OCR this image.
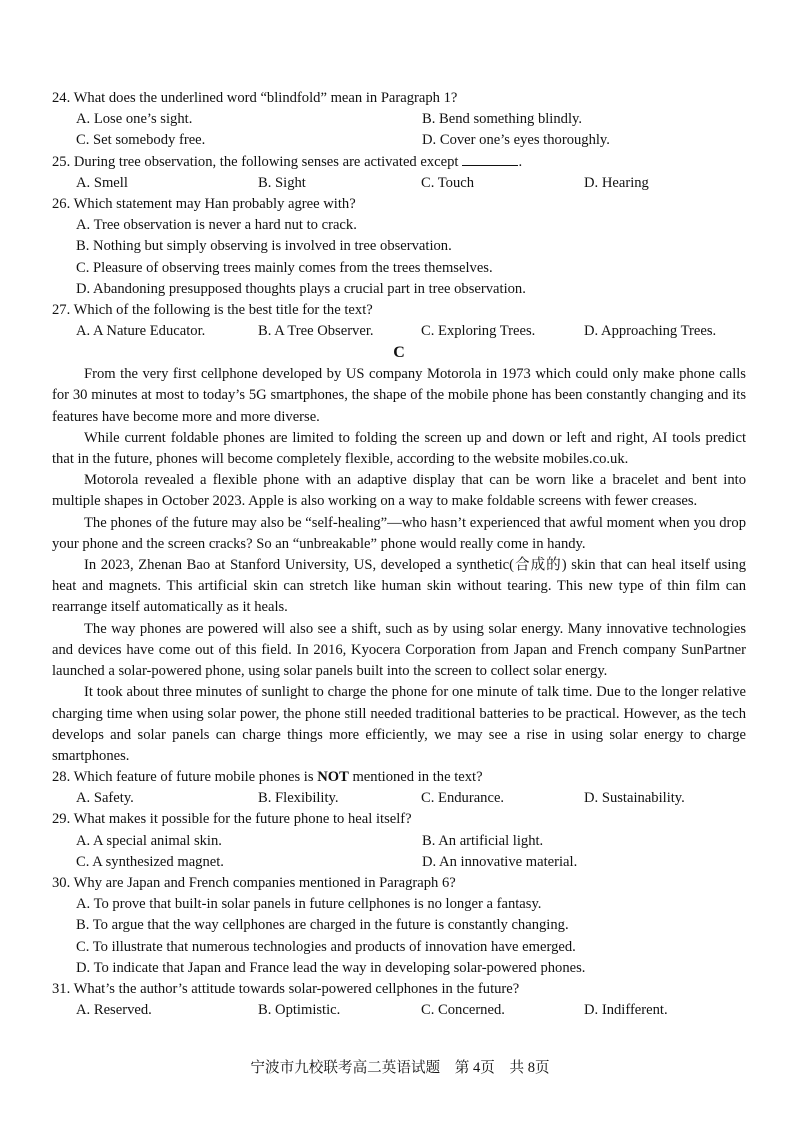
24. What does the underlined word “blindfold” mean in Paragraph 1?
A. Lose one’s sight.	B. Bend something blindly.
C. Set somebody free.	D. Cover one’s eyes thoroughly.
25. During tree observation, the following senses are activated except	.
A. Smell	B. Sight	C. Touch	D. Hearing
26. Which statement may Han probably agree with?
A. Tree observation is never a hard nut to crack.
B. Nothing but simply observing is involved in tree observation.
C. Pleasure of observing trees mainly comes from the trees themselves.
D. Abandoning presupposed thoughts plays a crucial part in tree observation.
27. Which of the following is the best title for the text?
A. A Nature Educator.	B. A Tree Observer.	C. Exploring Trees.	D. Approaching Trees.
C

From the very first cellphone developed by US company Motorola in 1973 which could only make phone calls for 30 minutes at most to today’s 5G smartphones, the shape of the mobile phone has been constantly changing and its features have become more and more diverse.

While current foldable phones are limited to folding the screen up and down or left and right, AI tools predict that in the future, phones will become completely flexible, according to the website mobiles.co.uk.

Motorola revealed a flexible phone with an adaptive display that can be worn like a bracelet and bent into multiple shapes in October 2023. Apple is also working on a way to make foldable screens with fewer creases.

The phones of the future may also be “self-healing”—who hasn’t experienced that awful moment when you drop your phone and the screen cracks? So an “unbreakable” phone would really come in handy.

In 2023, Zhenan Bao at Stanford University, US, developed a synthetic(合成的) skin that can heal itself using heat and magnets. This artificial skin can stretch like human skin without tearing. This new type of thin film can rearrange itself automatically as it heals.

The way phones are powered will also see a shift, such as by using solar energy. Many innovative technologies and devices have come out of this field. In 2016, Kyocera Corporation from Japan and French company SunPartner launched a solar-powered phone, using solar panels built into the screen to collect solar energy.

It took about three minutes of sunlight to charge the phone for one minute of talk time. Due to the longer relative charging time when using solar power, the phone still needed traditional batteries to be practical. However, as the tech develops and solar panels can charge things more efficiently, we may see a rise in using solar energy to charge smartphones.

28. Which feature of future mobile phones is NOT mentioned in the text?
A. Safety.	B. Flexibility.	C. Endurance.	D. Sustainability.
29. What makes it possible for the future phone to heal itself?
A. A special animal skin.	B. An artificial light.
C. A synthesized magnet.	D. An innovative material.
30. Why are Japan and French companies mentioned in Paragraph 6?
A. To prove that built-in solar panels in future cellphones is no longer a fantasy.
B. To argue that the way cellphones are charged in the future is constantly changing.
C. To illustrate that numerous technologies and products of innovation have emerged.
D. To indicate that Japan and France lead the way in developing solar-powered phones.
31. What’s the author’s attitude towards solar-powered cellphones in the future?
A. Reserved.	B. Optimistic.	C. Concerned.	D. Indifferent.
宁波市九校联考高二英语试题　第 4页　共 8页
